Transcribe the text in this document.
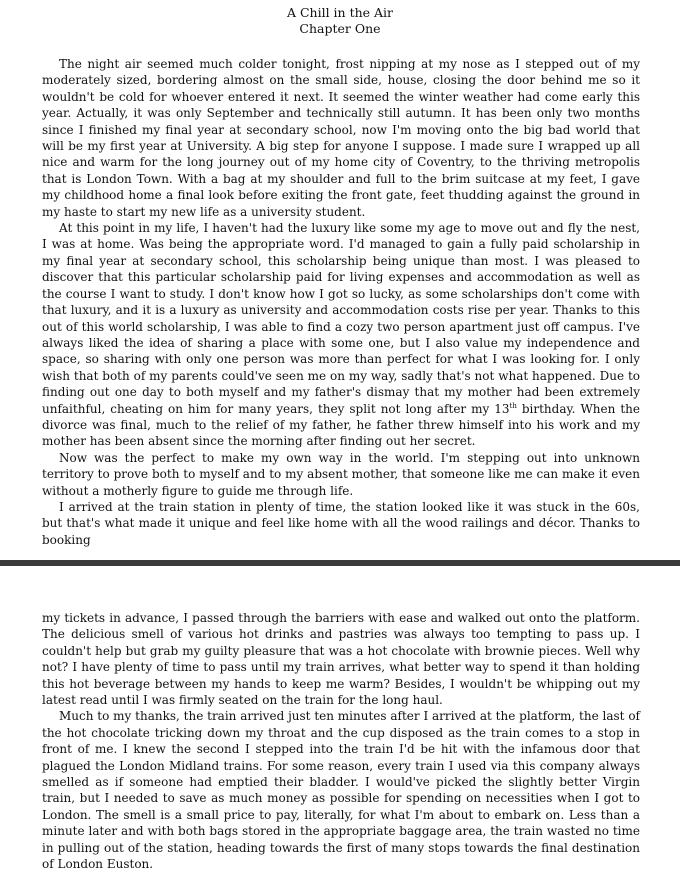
A Chill in the Air
Chapter One

The night air seemed much colder tonight, frost nipping at my nose as I stepped out of my moderately sized, bordering almost on the small side, house, closing the door behind me so it wouldn't be cold for whoever entered it next. It seemed the winter weather had come early this year. Actually, it was only September and technically still autumn. It has been only two months since I finished my final year at secondary school, now I'm moving onto the big bad world that will be my first year at University. A big step for anyone I suppose. I made sure I wrapped up all nice and warm for the long journey out of my home city of Coventry, to the thriving metropolis that is London Town. With a bag at my shoulder and full to the brim suitcase at my feet, I gave my childhood home a final look before exiting the front gate, feet thudding against the ground in my haste to start my new life as a university student.

At this point in my life, I haven't had the luxury like some my age to move out and fly the nest, I was at home. Was being the appropriate word. I'd managed to gain a fully paid scholarship in my final year at secondary school, this scholarship being unique than most. I was pleased to discover that this particular scholarship paid for living expenses and accommodation as well as the course I want to study. I don't know how I got so lucky, as some scholarships don't come with that luxury, and it is a luxury as university and accommodation costs rise per year. Thanks to this out of this world scholarship, I was able to find a cozy two person apartment just off campus. I've always liked the idea of sharing a place with some one, but I also value my independence and space, so sharing with only one person was more than perfect for what I was looking for. I only wish that both of my parents could've seen me on my way, sadly that's not what happened. Due to finding out one day to both myself and my father's dismay that my mother had been extremely unfaithful, cheating on him for many years, they split not long after my 13th birthday. When the divorce was final, much to the relief of my father, he father threw himself into his work and my mother has been absent since the morning after finding out her secret.

Now was the perfect to make my own way in the world. I'm stepping out into unknown territory to prove both to myself and to my absent mother, that someone like me can make it even without a motherly figure to guide me through life.

I arrived at the train station in plenty of time, the station looked like it was stuck in the 60s, but that's what made it unique and feel like home with all the wood railings and décor. Thanks to booking

my tickets in advance, I passed through the barriers with ease and walked out onto the platform. The delicious smell of various hot drinks and pastries was always too tempting to pass up. I couldn't help but grab my guilty pleasure that was a hot chocolate with brownie pieces. Well why not? I have plenty of time to pass until my train arrives, what better way to spend it than holding this hot beverage between my hands to keep me warm? Besides, I wouldn't be whipping out my latest read until I was firmly seated on the train for the long haul.

Much to my thanks, the train arrived just ten minutes after I arrived at the platform, the last of the hot chocolate tricking down my throat and the cup disposed as the train comes to a stop in front of me. I knew the second I stepped into the train I'd be hit with the infamous door that plagued the London Midland trains. For some reason, every train I used via this company always smelled as if someone had emptied their bladder. I would've picked the slightly better Virgin train, but I needed to save as much money as possible for spending on necessities when I got to London. The smell is a small price to pay, literally, for what I'm about to embark on. Less than a minute later and with both bags stored in the appropriate baggage area, the train wasted no time in pulling out of the station, heading towards the first of many stops towards the final destination of London Euston.
